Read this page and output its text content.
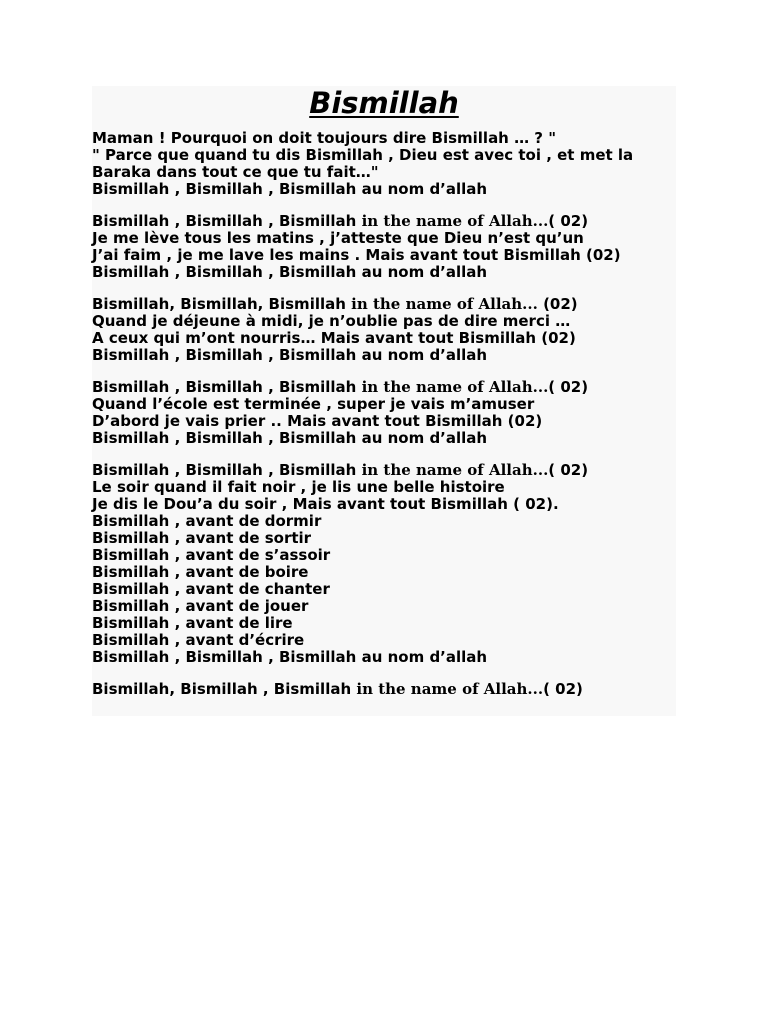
Bismillah
Maman ! Pourquoi on doit toujours dire Bismillah … ? "
" Parce que quand tu dis Bismillah , Dieu est avec toi , et met la Baraka dans tout ce que tu fait…"
Bismillah , Bismillah , Bismillah au nom d’allah
Bismillah , Bismillah , Bismillah in the name of Allah...( 02)
Je me lève tous les matins , j’atteste que Dieu n’est qu’un
J’ai faim , je me lave les mains . Mais avant tout Bismillah (02)
Bismillah , Bismillah , Bismillah au nom d’allah
Bismillah, Bismillah, Bismillah in the name of Allah... (02)
Quand je déjeune à midi, je n’oublie pas de dire merci …
A ceux qui m’ont nourris… Mais avant tout Bismillah (02)
Bismillah , Bismillah , Bismillah au nom d’allah
Bismillah , Bismillah , Bismillah in the name of Allah...( 02)
Quand l’école est terminée , super je vais m’amuser
D’abord je vais prier .. Mais avant tout Bismillah (02)
Bismillah , Bismillah , Bismillah au nom d’allah
Bismillah , Bismillah , Bismillah in the name of Allah...( 02)
Le soir quand il fait noir , je lis une belle histoire
Je dis le Dou’a du soir , Mais avant tout Bismillah ( 02).
Bismillah , avant de dormir
Bismillah , avant de sortir
Bismillah , avant de s’assoir
Bismillah , avant de boire
Bismillah , avant de chanter
Bismillah , avant de jouer
Bismillah , avant de lire
Bismillah , avant d’écrire
Bismillah , Bismillah , Bismillah au nom d’allah
Bismillah, Bismillah , Bismillah in the name of Allah...( 02)
